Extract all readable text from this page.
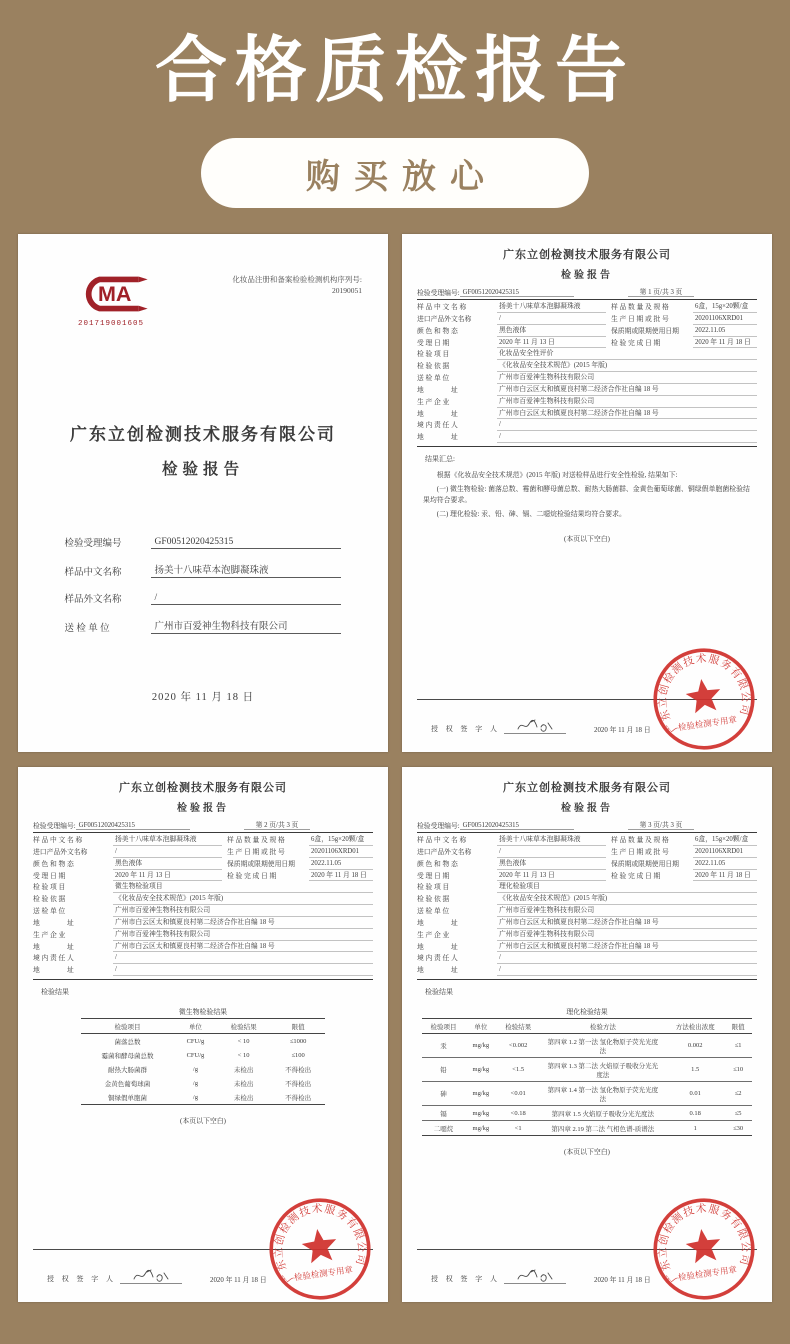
合格质检报告
购买放心
MA
201719001605
化妆品注册和备案检验检测机构序列号:
20190051
广东立创检测技术服务有限公司
检验报告
检验受理编号	GF00512020425315
样品中文名称	扬美十八味草本泡脚凝珠液
样品外文名称	/
送 检 单 位	广州市百爱神生物科技有限公司
2020 年 11 月 18 日
广东立创检测技术服务有限公司
检验报告
检验受理编号: GF00512020425315	第 1 页/共 3 页
样 品 中 文 名 称	扬美十八味草本泡脚凝珠液	样 品 数 量 及 规 格	6盒，15g×20颗/盒
进口产品外文名称	/	生 产 日 期 或 批 号	20201106XRD01
颜 色 和 物 态	黑色液体	保质期或限期使用日期	2022.11.05
受 理 日 期	2020 年 11 月 13 日	检 验 完 成 日 期	2020 年 11 月 18 日
检 验 项 目	化妆品安全性评价
检 验 依 据	《化妆品安全技术规范》(2015 年版)
送 检 单 位	广州市百爱神生物科技有限公司
地　　　　址	广州市白云区太和镇夏良村第二经济合作社自编 18 号
生 产 企 业	广州市百爱神生物科技有限公司
地　　　　址	广州市白云区太和镇夏良村第二经济合作社自编 18 号
境 内 责 任 人	/
地　　　　址	/
结果汇总:

根据《化妆品安全技术规范》(2015 年版) 对送检样品进行安全性检验, 结果如下:

(一) 微生物检验: 菌落总数、霉菌和酵母菌总数、耐热大肠菌群、金黄色葡萄球菌、铜绿假单胞菌检验结果均符合要求。

(二) 理化检验: 汞、铅、砷、镉、二噁烷检验结果均符合要求。

(本页以下空白)
授 权 签 字 人	2020 年 11 月 18 日	广东立创检测技术服务有限公司
检验检测专用章
广东立创检测技术服务有限公司
检验报告
检验受理编号: GF00512020425315	第 2 页/共 3 页
样 品 中 文 名 称	扬美十八味草本泡脚凝珠液	样 品 数 量 及 规 格	6盒，15g×20颗/盒
进口产品外文名称	/	生 产 日 期 或 批 号	20201106XRD01
颜 色 和 物 态	黑色液体	保质期或限期使用日期	2022.11.05
受 理 日 期	2020 年 11 月 13 日	检 验 完 成 日 期	2020 年 11 月 18 日
检 验 项 目	微生物检验项目
检 验 依 据	《化妆品安全技术规范》(2015 年版)
送 检 单 位	广州市百爱神生物科技有限公司
地　　　　址	广州市白云区太和镇夏良村第二经济合作社自编 18 号
生 产 企 业	广州市百爱神生物科技有限公司
地　　　　址	广州市白云区太和镇夏良村第二经济合作社自编 18 号
境 内 责 任 人	/
地　　　　址	/
检验结果
微生物检验结果
检验项目	单位	检验结果	限值
菌落总数	CFU/g	< 10	≤1000
霉菌和酵母菌总数	CFU/g	< 10	≤100
耐热大肠菌群	/g	未检出	不得检出
金黄色葡萄球菌	/g	未检出	不得检出
铜绿假单胞菌	/g	未检出	不得检出
(本页以下空白)
授 权 签 字 人	2020 年 11 月 18 日	广东立创检测技术服务有限公司
检验检测专用章
广东立创检测技术服务有限公司
检验报告
检验受理编号: GF00512020425315	第 3 页/共 3 页
样 品 中 文 名 称	扬美十八味草本泡脚凝珠液	样 品 数 量 及 规 格	6盒，15g×20颗/盒
进口产品外文名称	/	生 产 日 期 或 批 号	20201106XRD01
颜 色 和 物 态	黑色液体	保质期或限期使用日期	2022.11.05
受 理 日 期	2020 年 11 月 13 日	检 验 完 成 日 期	2020 年 11 月 18 日
检 验 项 目	理化检验项目
检 验 依 据	《化妆品安全技术规范》(2015 年版)
送 检 单 位	广州市百爱神生物科技有限公司
地　　　　址	广州市白云区太和镇夏良村第二经济合作社自编 18 号
生 产 企 业	广州市百爱神生物科技有限公司
地　　　　址	广州市白云区太和镇夏良村第二经济合作社自编 18 号
境 内 责 任 人	/
地　　　　址	/
检验结果
理化检验结果
检验项目	单位	检验结果	检验方法	方法检出浓度	限值
汞	mg/kg	<0.002	第四章 1.2 第一法 氢化物原子荧光光度法	0.002	≤1
铅	mg/kg	<1.5	第四章 1.3 第二法 火焰原子吸收分光光度法	1.5	≤10
砷	mg/kg	<0.01	第四章 1.4 第一法 氢化物原子荧光光度法	0.01	≤2
镉	mg/kg	<0.18	第四章 1.5 火焰原子吸收分光光度法	0.18	≤5
二噁烷	mg/kg	<1	第四章 2.19 第二法 气相色谱-质谱法	1	≤30
(本页以下空白)
授 权 签 字 人	2020 年 11 月 18 日	广东立创检测技术服务有限公司
检验检测专用章
